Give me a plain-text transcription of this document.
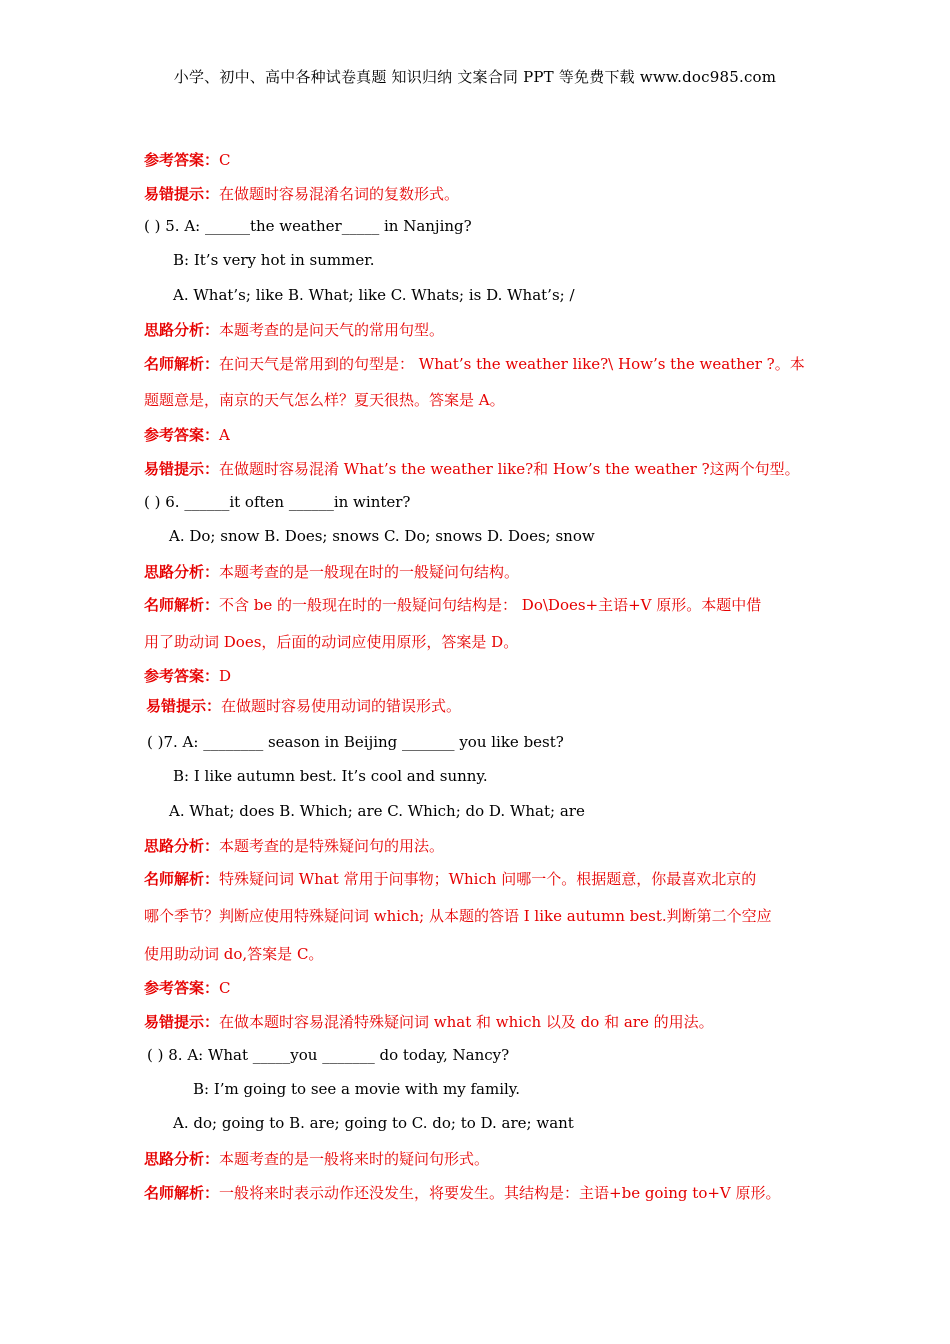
小学、初中、高中各种试卷真题 知识归纳 文案合同 PPT 等免费下载 www.doc985.com
参考答案：C
易错提示：在做题时容易混淆名词的复数形式。
( ) 5. A: ______the weather_____ in Nanjing?
B: It’s very hot in summer.
A. What’s; like B. What; like C. Whats; is D. What’s; /
思路分析：本题考查的是问天气的常用句型。
名师解析：在问天气是常用到的句型是： What’s the weather like?\ How’s the weather ?。本
题题意是，南京的天气怎么样？夏天很热。答案是 A。
参考答案：A
易错提示：在做题时容易混淆 What’s the weather like?和 How’s the weather ?这两个句型。
( ) 6. ______it often ______in winter?
A. Do; snow B. Does; snows C. Do; snows D. Does; snow
思路分析：本题考查的是一般现在时的一般疑问句结构。
名师解析：不含 be 的一般现在时的一般疑问句结构是： Do\Does+主语+V 原形。本题中借
用了助动词 Does，后面的动词应使用原形，答案是 D。
参考答案：D
易错提示：在做题时容易使用动词的错误形式。
( )7. A: ________ season in Beijing _______ you like best?
B: I like autumn best. It’s cool and sunny.
A. What; does B. Which; are C. Which; do D. What; are
思路分析：本题考查的是特殊疑问句的用法。
名师解析：特殊疑问词 What 常用于问事物；Which 问哪一个。根据题意，你最喜欢北京的
哪个季节？判断应使用特殊疑问词 which; 从本题的答语 I like autumn best.判断第二个空应
使用助动词 do,答案是 C。
参考答案：C
易错提示：在做本题时容易混淆特殊疑问词 what 和 which 以及 do 和 are 的用法。
( ) 8. A: What _____you _______ do today, Nancy?
B: I’m going to see a movie with my family.
A. do; going to B. are; going to C. do; to D. are; want
思路分析：本题考查的是一般将来时的疑问句形式。
名师解析：一般将来时表示动作还没发生，将要发生。其结构是：主语+be going to+V 原形。
